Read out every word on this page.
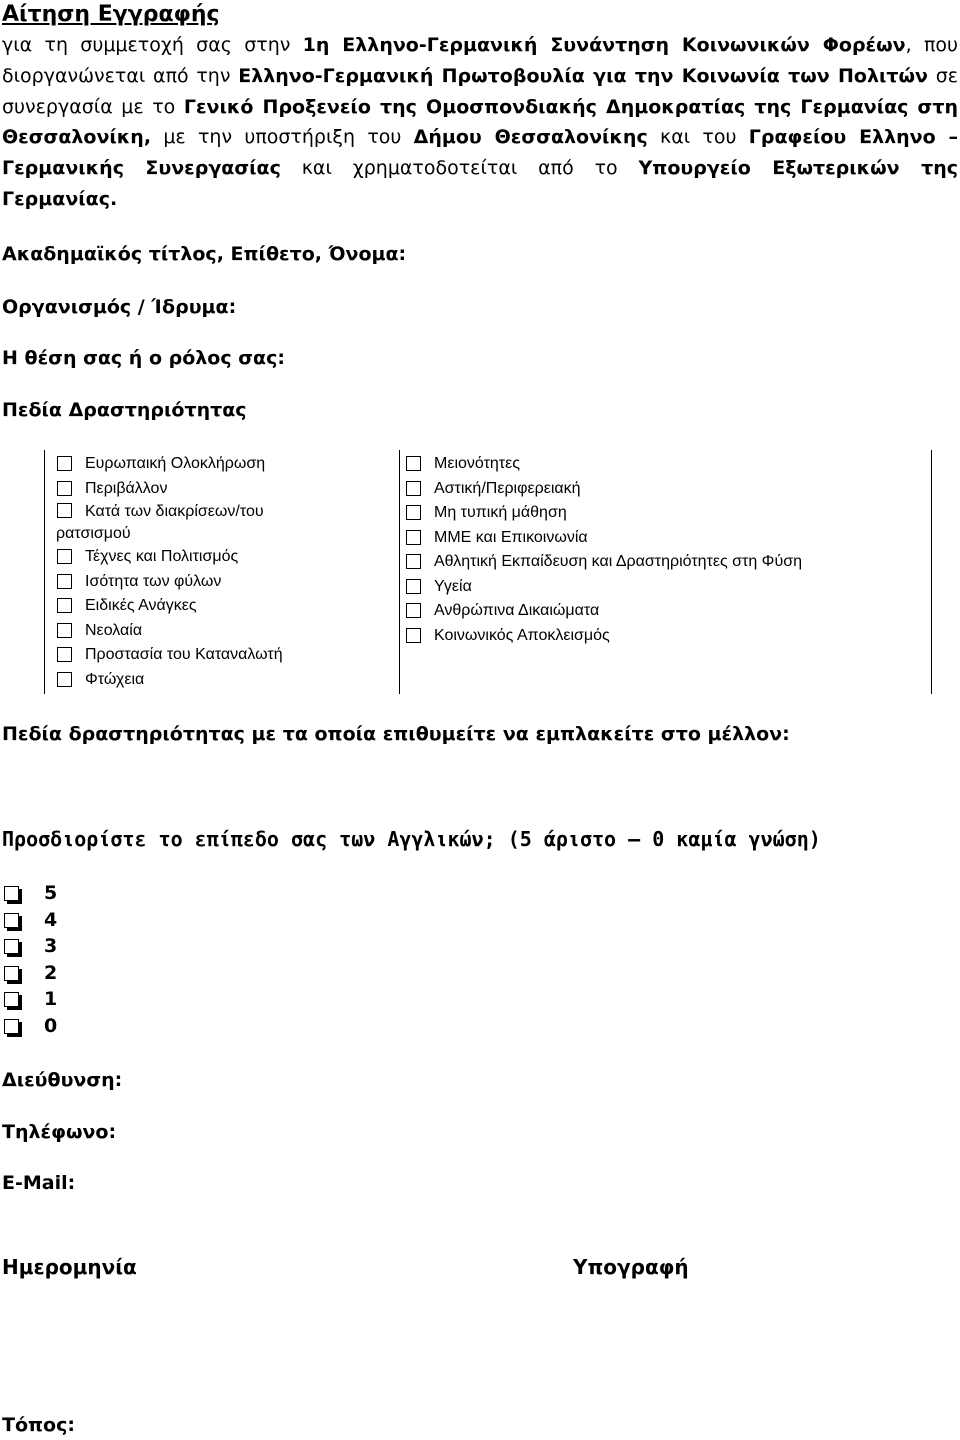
Αίτηση Εγγραφής

για τη συμμετοχή σας στην 1η Ελληνο-Γερμανική Συνάντηση Κοινωνικών Φορέων, που διοργανώνεται από την Ελληνο-Γερμανική Πρωτοβουλία για την Κοινωνία των Πολιτών σε συνεργασία με το Γενικό Προξενείο της Ομοσπονδιακής Δημοκρατίας της Γερμανίας στη Θεσσαλονίκη, με την υποστήριξη του Δήμου Θεσσαλονίκης και του Γραφείου Ελληνο – Γερμανικής Συνεργασίας και χρηματοδοτείται από το Υπουργείο Εξωτερικών της Γερμανίας.

Ακαδημαϊκός τίτλος, Επίθετο, Όνομα:
Οργανισμός / Ίδρυμα:
Η θέση σας ή ο ρόλος σας:
Πεδία Δραστηριότητας
Ευρωπαική Ολοκλήρωση
Περιβάλλον
Κατά των διακρίσεων/του
ρατσισμού
Τέχνες και Πολιτισμός
Ισότητα των φύλων
Ειδικές Ανάγκες
Νεολαία
Προστασία του Καταναλωτή
Φτώχεια
Μειονότητες
Αστική/Περιφερειακή
Μη τυπική μάθηση
ΜΜΕ και Επικοινωνία
Αθλητική Εκπαίδευση και Δραστηριότητες στη Φύση
Υγεία
Ανθρώπινα Δικαιώματα
Κοινωνικός Αποκλεισμός
Πεδία δραστηριότητας με τα οποία επιθυμείτε να εμπλακείτε στο μέλλον:
Προσδιορίστε το επίπεδο σας των Αγγλικών; (5 άριστο – 0 καμία γνώση)
5
4
3
2
1
0
Διεύθυνση:
Τηλέφωνο:
E-Mail:
Ημερομηνία	Υπογραφή
Τόπος:
